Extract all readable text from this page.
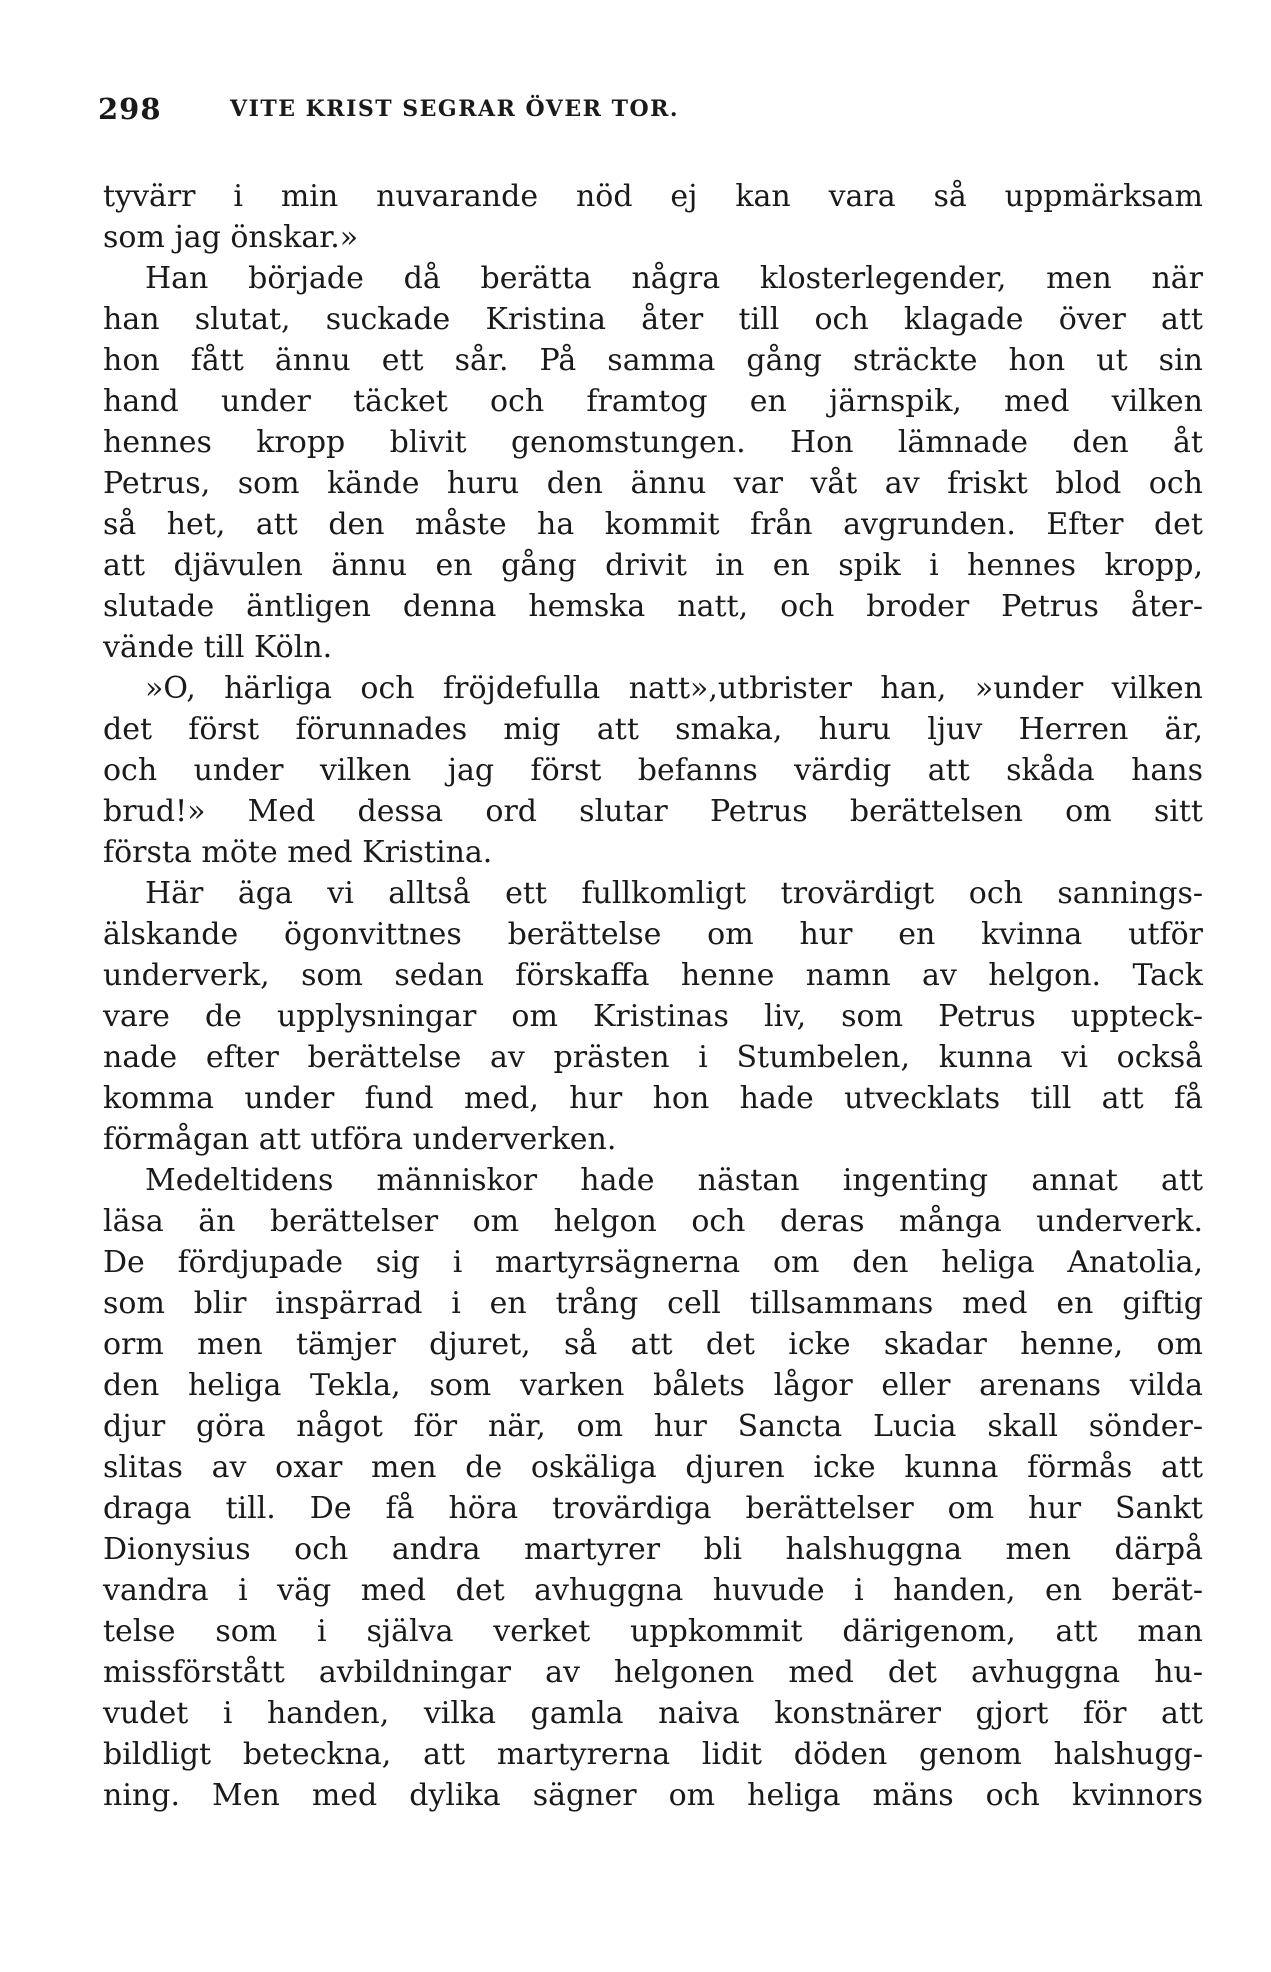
298	VITE KRIST SEGRAR ÖVER TOR.
tyvärr i min nuvarande nöd ej kan vara så uppmärksam
som jag önskar.»
Han började då berätta några klosterlegender, men när
han slutat, suckade Kristina åter till och klagade över att
hon fått ännu ett sår. På samma gång sträckte hon ut sin
hand under täcket och framtog en järnspik, med vilken
hennes kropp blivit genomstungen. Hon lämnade den åt
Petrus, som kände huru den ännu var våt av friskt blod och
så het, att den måste ha kommit från avgrunden. Efter det
att djävulen ännu en gång drivit in en spik i hennes kropp,
slutade äntligen denna hemska natt, och broder Petrus åter-
vände till Köln.
»O, härliga och fröjdefulla natt»,utbrister han, »under vilken
det först förunnades mig att smaka, huru ljuv Herren är,
och under vilken jag först befanns värdig att skåda hans
brud!» Med dessa ord slutar Petrus berättelsen om sitt
första möte med Kristina.
Här äga vi alltså ett fullkomligt trovärdigt och sannings-
älskande ögonvittnes berättelse om hur en kvinna utför
underverk, som sedan förskaffa henne namn av helgon. Tack
vare de upplysningar om Kristinas liv, som Petrus uppteck-
nade efter berättelse av prästen i Stumbelen, kunna vi också
komma under fund med, hur hon hade utvecklats till att få
förmågan att utföra underverken.
Medeltidens människor hade nästan ingenting annat att
läsa än berättelser om helgon och deras många underverk.
De fördjupade sig i martyrsägnerna om den heliga Anatolia,
som blir inspärrad i en trång cell tillsammans med en giftig
orm men tämjer djuret, så att det icke skadar henne, om
den heliga Tekla, som varken bålets lågor eller arenans vilda
djur göra något för när, om hur Sancta Lucia skall sönder-
slitas av oxar men de oskäliga djuren icke kunna förmås att
draga till. De få höra trovärdiga berättelser om hur Sankt
Dionysius och andra martyrer bli halshuggna men därpå
vandra i väg med det avhuggna huvude i handen, en berät-
telse som i själva verket uppkommit därigenom, att man
missförstått avbildningar av helgonen med det avhuggna hu-
vudet i handen, vilka gamla naiva konstnärer gjort för att
bildligt beteckna, att martyrerna lidit döden genom halshugg-
ning. Men med dylika sägner om heliga mäns och kvinnors
